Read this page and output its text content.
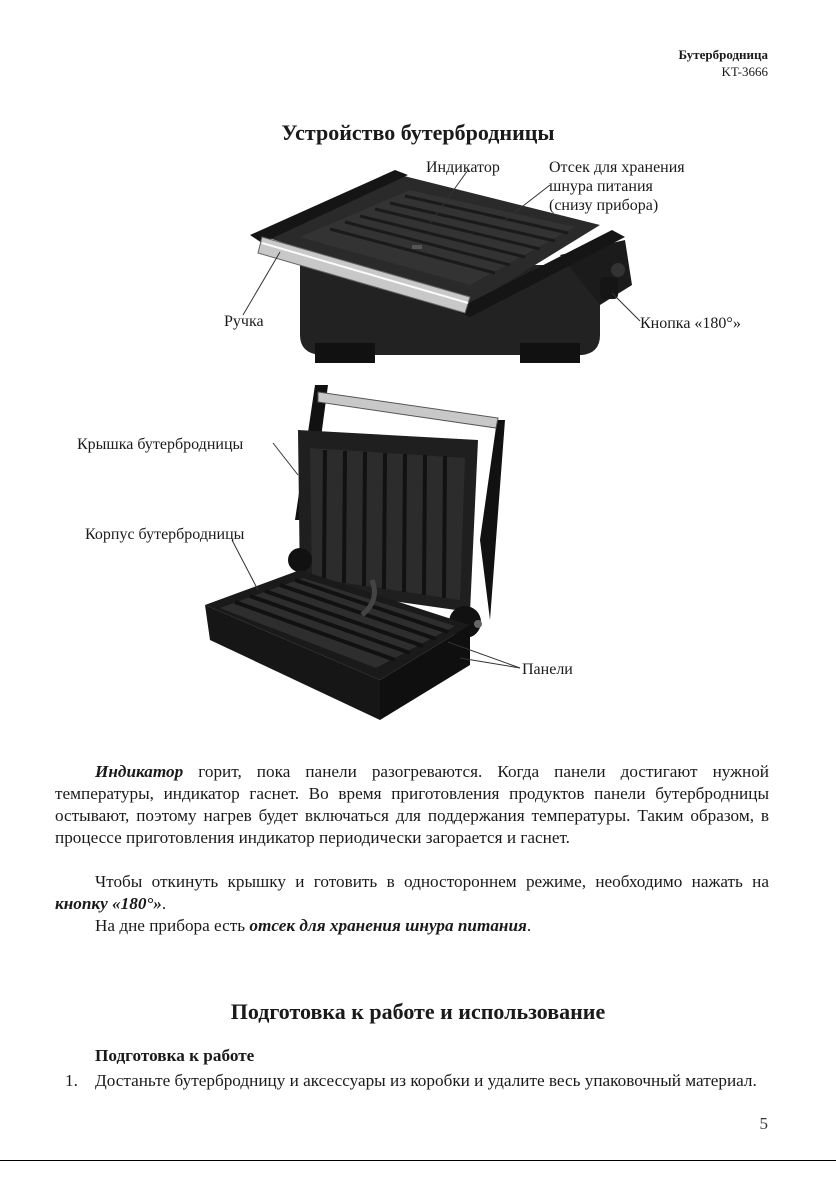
Бутербродница
KT-3666
Устройство бутербродницы
Индикатор	Отсек для хранения
шнура питания
(снизу прибора)
Ручка	Кнопка «180°»
Крышка бутербродницы
Корпус бутербродницы
Панели
Индикатор горит, пока панели разогреваются. Когда панели достигают нужной температуры, индикатор гаснет. Во время приготовления продуктов панели бутербродницы остывают, поэтому нагрев будет включаться для поддержания температуры. Таким образом, в процессе приготовления индикатор периодически загорается и гаснет.
Чтобы откинуть крышку и готовить в одностороннем режиме, необходимо нажать на кнопку «180°».
На дне прибора есть отсек для хранения шнура питания.
Подготовка к работе и использование
Подготовка к работе
1. Достаньте бутербродницу и аксессуары из коробки и удалите весь упаковочный материал.
5
